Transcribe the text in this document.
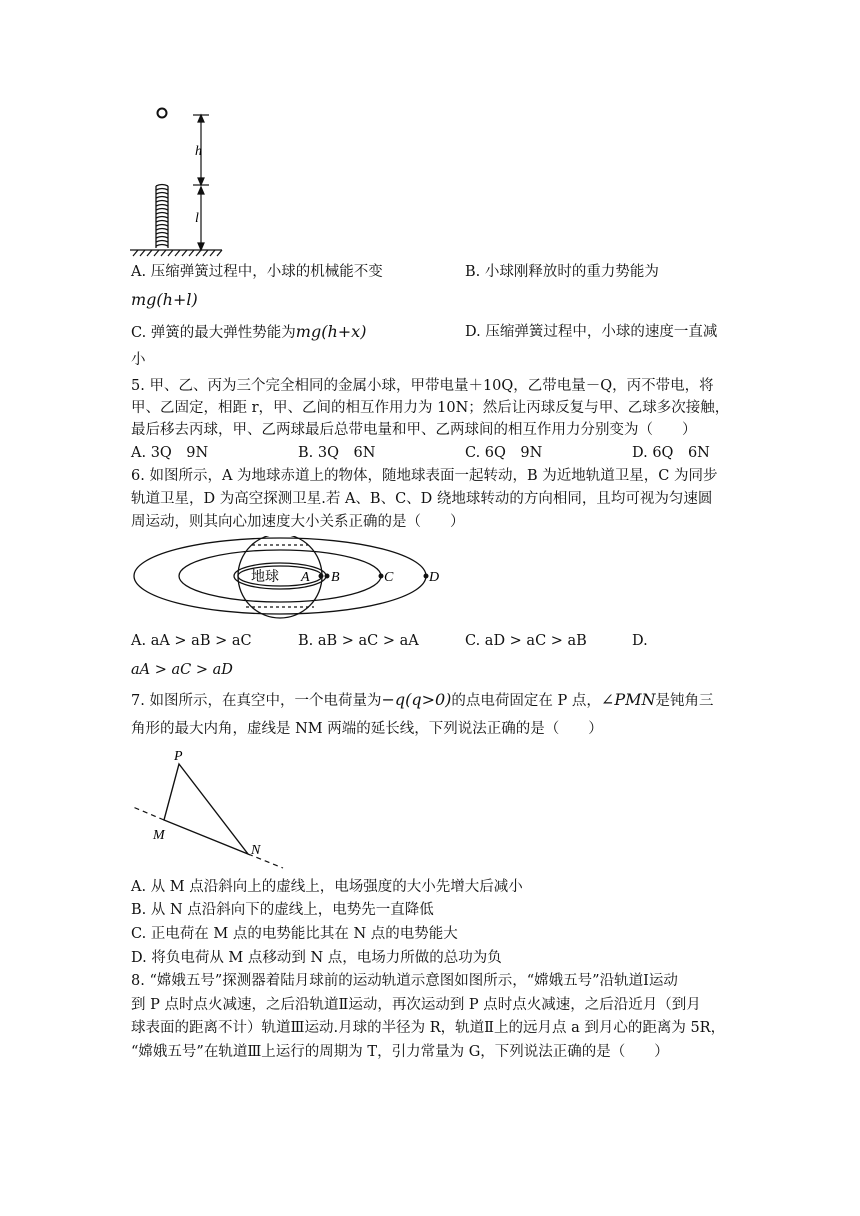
h
l
A. 压缩弹簧过程中，小球的机械能不变	B. 小球刚释放时的重力势能为
mg(h+l)
C. 弹簧的最大弹性势能为mg(h+x)	D. 压缩弹簧过程中，小球的速度一直减
小
5. 甲、乙、丙为三个完全相同的金属小球，甲带电量＋10Q，乙带电量－Q，丙不带电，将
甲、乙固定，相距 r，甲、乙间的相互作用力为 10N；然后让丙球反复与甲、乙球多次接触，
最后移去丙球，甲、乙两球最后总带电量和甲、乙两球间的相互作用力分别变为（　　）
A. 3Q　9N	B. 3Q　6N	C. 6Q　9N	D. 6Q　6N
6. 如图所示，A 为地球赤道上的物体，随地球表面一起转动，B 为近地轨道卫星，C 为同步
轨道卫星，D 为高空探测卫星.若 A、B、C、D 绕地球转动的方向相同，且均可视为匀速圆
周运动，则其向心加速度大小关系正确的是（　　）
地球 A B	C	D
A. aA > aB > aC	B. aB > aC > aA	C. aD > aC > aB	D.
aA > aC > aD
7. 如图所示，在真空中，一个电荷量为−q(q>0)的点电荷固定在 P 点，∠PMN是钝角三
角形的最大内角，虚线是 NM 两端的延长线，下列说法正确的是（　　）
P
M
N
A. 从 M 点沿斜向上的虚线上，电场强度的大小先增大后减小
B. 从 N 点沿斜向下的虚线上，电势先一直降低
C. 正电荷在 M 点的电势能比其在 N 点的电势能大
D. 将负电荷从 M 点移动到 N 点，电场力所做的总功为负
8. “嫦娥五号”探测器着陆月球前的运动轨道示意图如图所示，“嫦娥五号”沿轨道Ⅰ运动
到 P 点时点火减速，之后沿轨道Ⅱ运动，再次运动到 P 点时点火减速，之后沿近月（到月
球表面的距离不计）轨道Ⅲ运动.月球的半径为 R，轨道Ⅱ上的远月点 a 到月心的距离为 5R，
“嫦娥五号”在轨道Ⅲ上运行的周期为 T，引力常量为 G，下列说法正确的是（　　）
